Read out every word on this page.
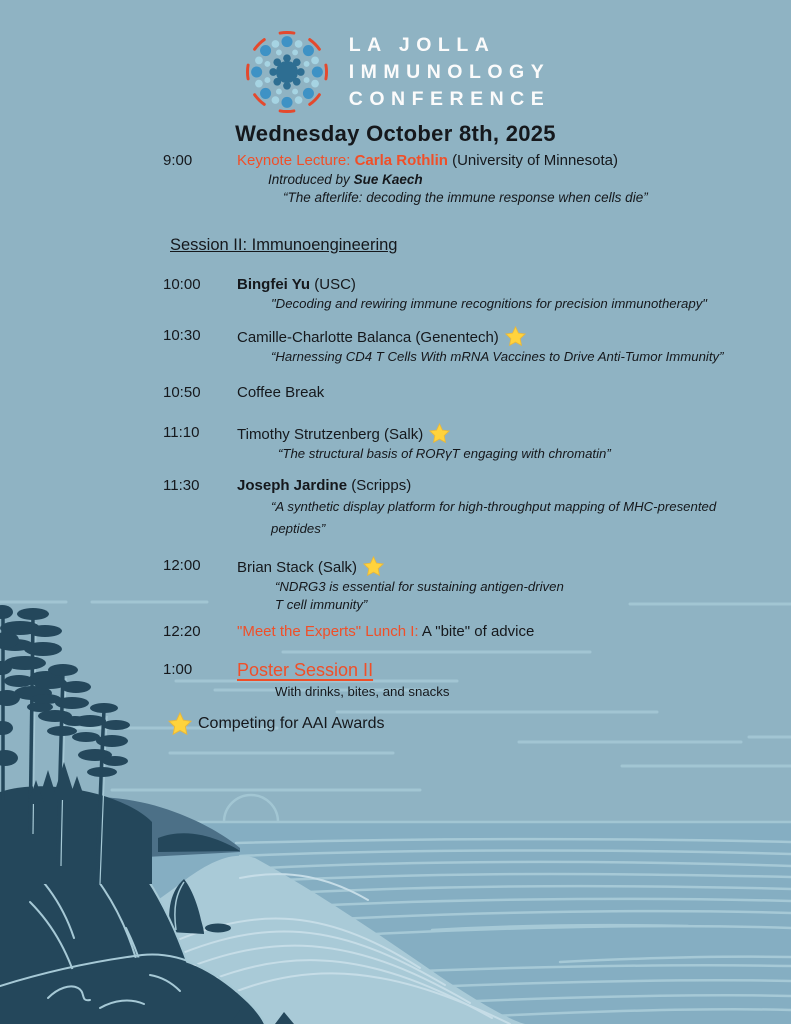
LA JOLLA
IMMUNOLOGY
CONFERENCE
Wednesday October 8th, 2025
9:00	Keynote Lecture: Carla Rothlin (University of Minnesota)
Introduced by Sue Kaech
“The afterlife: decoding the immune response when cells die”
Session II: Immunoengineering
10:00	Bingfei Yu (USC)
"Decoding and rewiring immune recognitions for precision immunotherapy"
10:30	Camille-Charlotte Balanca (Genentech)
“Harnessing CD4 T Cells With mRNA Vaccines to Drive Anti-Tumor Immunity”
10:50	Coffee Break
11:10	Timothy Strutzenberg (Salk)
“The structural basis of RORγT engaging with chromatin”
11:30	Joseph Jardine (Scripps)
“A synthetic display platform for high-throughput mapping of MHC-presented
peptides”
12:00	Brian Stack (Salk)
“NDRG3 is essential for sustaining antigen-driven
T cell immunity”
12:20	"Meet the Experts" Lunch I: A "bite" of advice
1:00	Poster Session II
With drinks, bites, and snacks
Competing for AAI Awards
